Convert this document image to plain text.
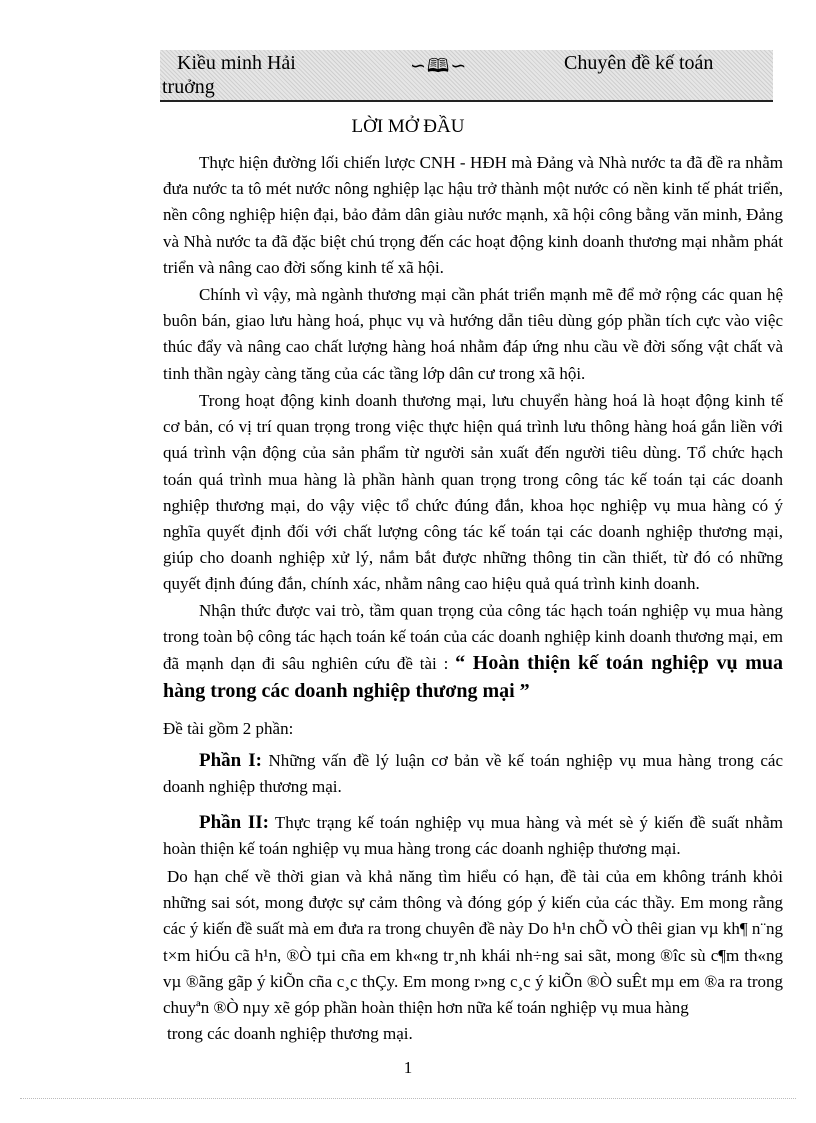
Kiều minh Hải
truởng
∽🕮∽	Chuyên đề kế toán
LỜI MỞ ĐẦU

Thực hiện đường lối chiến lược CNH - HĐH mà Đảng và Nhà nước ta đã đề ra nhằm đưa nước ta tô mét nước nông nghiệp lạc hậu trở thành một nước có nền kinh tế phát triển, nền công nghiệp hiện đại, bảo đảm dân giàu nước mạnh, xã hội công bằng văn minh, Đảng và Nhà nước ta đã đặc biệt chú trọng đến các hoạt động kinh doanh thương mại nhằm phát triển và nâng cao đời sống kinh tế xã hội.

Chính vì vậy, mà ngành thương mại cần phát triển mạnh mẽ để mở rộng các quan hệ buôn bán, giao lưu hàng hoá, phục vụ và hướng dẫn tiêu dùng góp phần tích cực vào việc thúc đẩy và nâng cao chất lượng hàng hoá nhằm đáp ứng nhu cầu về đời sống vật chất và tinh thần ngày càng tăng của các tầng lớp dân cư trong xã hội.

Trong hoạt động kinh doanh thương mại, lưu chuyển hàng hoá là hoạt động kinh tế cơ bản, có vị trí quan trọng trong việc thực hiện quá trình lưu thông hàng hoá gắn liền với quá trình vận động của sản phẩm từ người sản xuất đến người tiêu dùng. Tổ chức hạch toán quá trình mua hàng là phần hành quan trọng trong công tác kế toán tại các doanh nghiệp thương mại, do vậy việc tổ chức đúng đắn, khoa học nghiệp vụ mua hàng có ý nghĩa quyết định đối với chất lượng công tác kế toán tại các doanh nghiệp thương mại, giúp cho doanh nghiệp xử lý, nắm bắt được những thông tin cần thiết, từ đó có những quyết định đúng đắn, chính xác, nhằm nâng cao hiệu quả quá trình kinh doanh.

Nhận thức được vai trò, tầm quan trọng của công tác hạch toán nghiệp vụ mua hàng trong toàn bộ công tác hạch toán kế toán của các doanh nghiệp kinh doanh thương mại, em đã mạnh dạn đi sâu nghiên cứu đề tài : “ Hoàn thiện kế toán nghiệp vụ mua hàng trong các doanh nghiệp thương mại ”

Đề tài gồm 2 phần:

Phần I: Những vấn đề lý luận cơ bản về kế toán nghiệp vụ mua hàng trong các doanh nghiệp thương mại.

Phần II: Thực trạng kế toán nghiệp vụ mua hàng và mét sè ý kiến đề suất nhằm hoàn thiện kế toán nghiệp vụ mua hàng trong các doanh nghiệp thương mại.

Do hạn chế về thời gian và khả năng tìm hiểu có hạn, đề tài của em không tránh khỏi những sai sót, mong được sự cảm thông và đóng góp ý kiến của các thầy. Em mong rằng các ý kiến đề suất mà em đưa ra trong chuyên đề này Do h¹n chÕ vÒ thêi gian vµ kh¶ n¨ng t×m hiÓu cã h¹n, ®Ò tµi cña em kh«ng tr¸nh khái nh÷ng sai sãt, mong ®îc sù c¶m th«ng vµ ®ãng gãp ý kiÕn cña c¸c thÇy. Em mong r»ng c¸c ý kiÕn ®Ò suÊt mµ em ®a ra trong chuyªn ®Ò nµy xẽ góp phần hoàn thiện hơn nữa kế toán nghiệp vụ mua hàng
trong các doanh nghiệp thương mại.

1
